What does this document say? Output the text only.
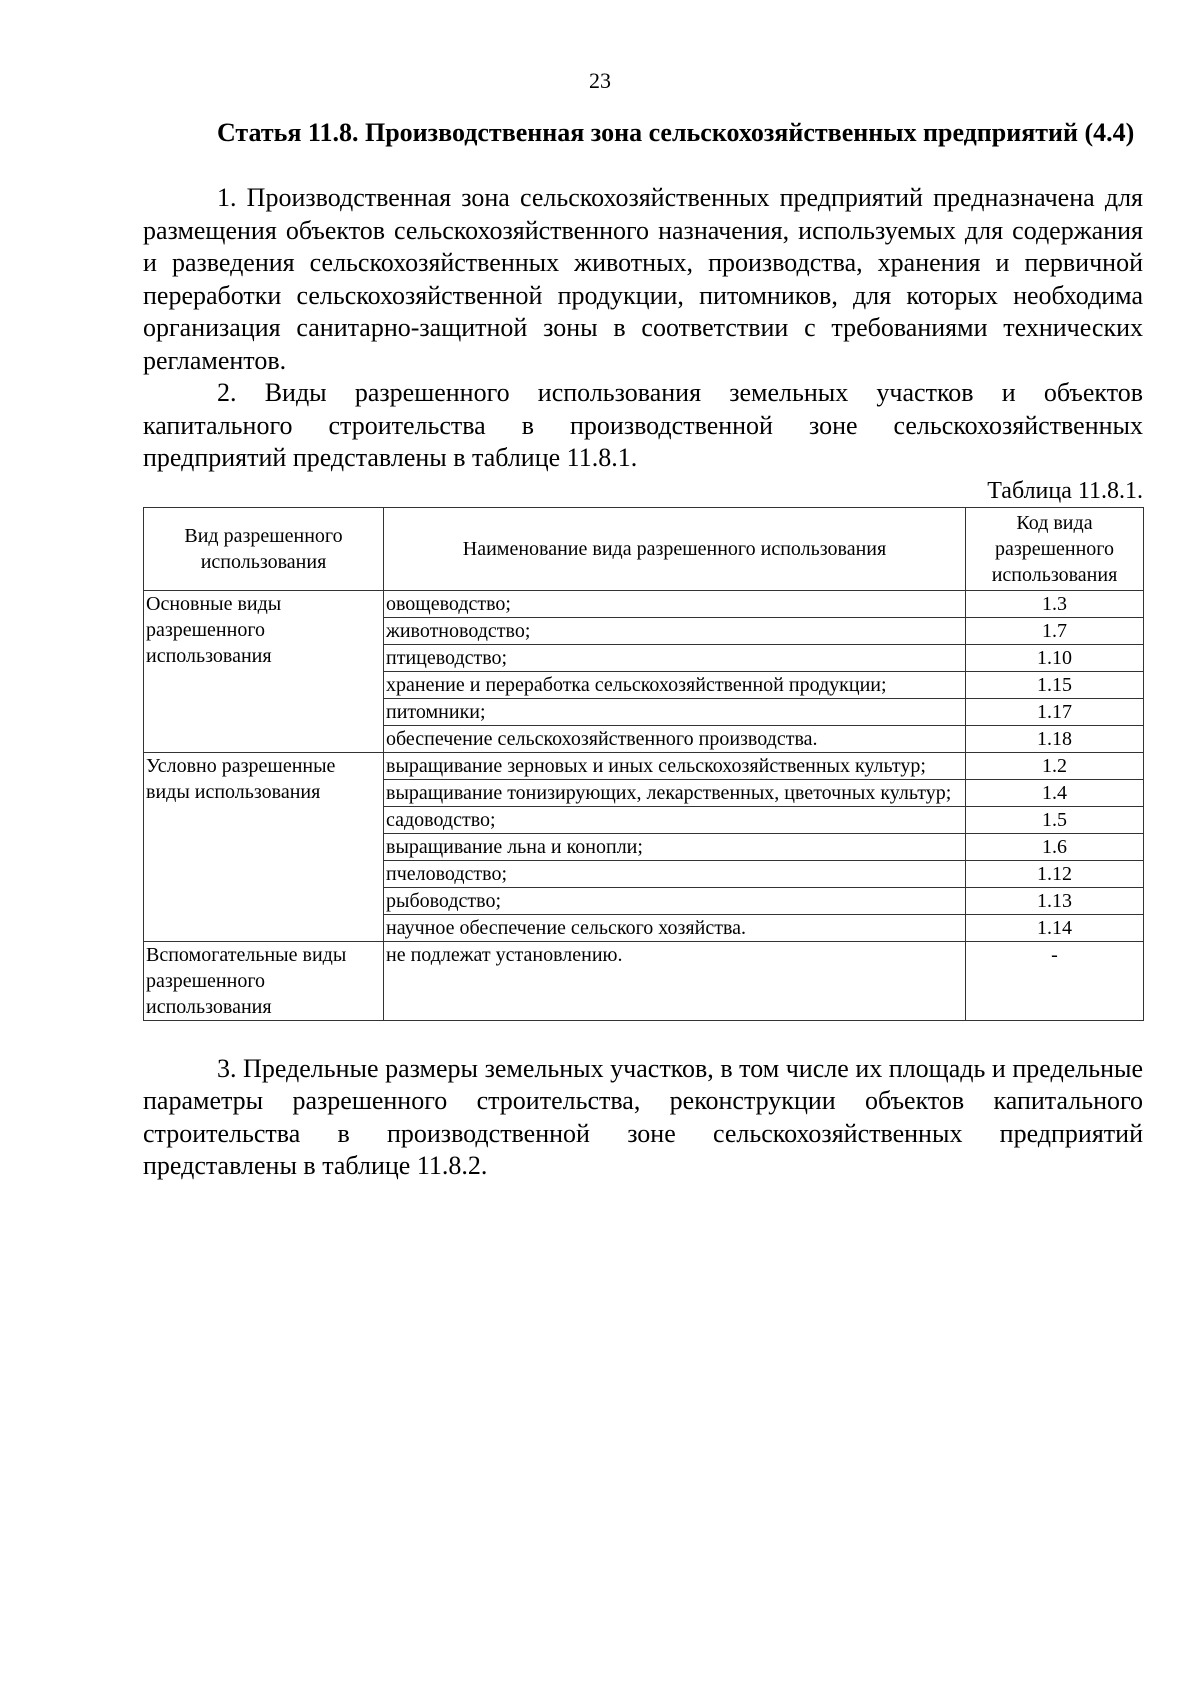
23
Статья 11.8. Производственная зона сельскохозяйственных предприятий (4.4)

1. Производственная зона сельскохозяйственных предприятий предназначена для размещения объектов сельскохозяйственного назначения, используемых для содержания и разведения сельскохозяйственных животных, производства, хранения и первичной переработки сельскохозяйственной продукции, питомников, для которых необходима организация санитарно-защитной зоны в соответствии с требованиями технических регламентов.

2. Виды разрешенного использования земельных участков и объектов капитального строительства в производственной зоне сельскохозяйственных предприятий представлены в таблице 11.8.1.

Таблица 11.8.1.
Вид разрешенного использования	Наименование вида разрешенного использования	Код вида разрешенного использования
Основные виды разрешенного использования	овощеводство;	1.3
	животноводство;	1.7
	птицеводство;	1.10
	хранение и переработка сельскохозяйственной продукции;	1.15
	питомники;	1.17
	обеспечение сельскохозяйственного производства.	1.18
Условно разрешенные виды использования	выращивание зерновых и иных сельскохозяйственных культур;	1.2
	выращивание тонизирующих, лекарственных, цветочных культур;	1.4
	садоводство;	1.5
	выращивание льна и конопли;	1.6
	пчеловодство;	1.12
	рыбоводство;	1.13
	научное обеспечение сельского хозяйства.	1.14
Вспомогательные виды разрешенного использования	не подлежат установлению.	-

3. Предельные размеры земельных участков, в том числе их площадь и предельные параметры разрешенного строительства, реконструкции объектов капитального строительства в производственной зоне сельскохозяйственных предприятий представлены в таблице 11.8.2.
